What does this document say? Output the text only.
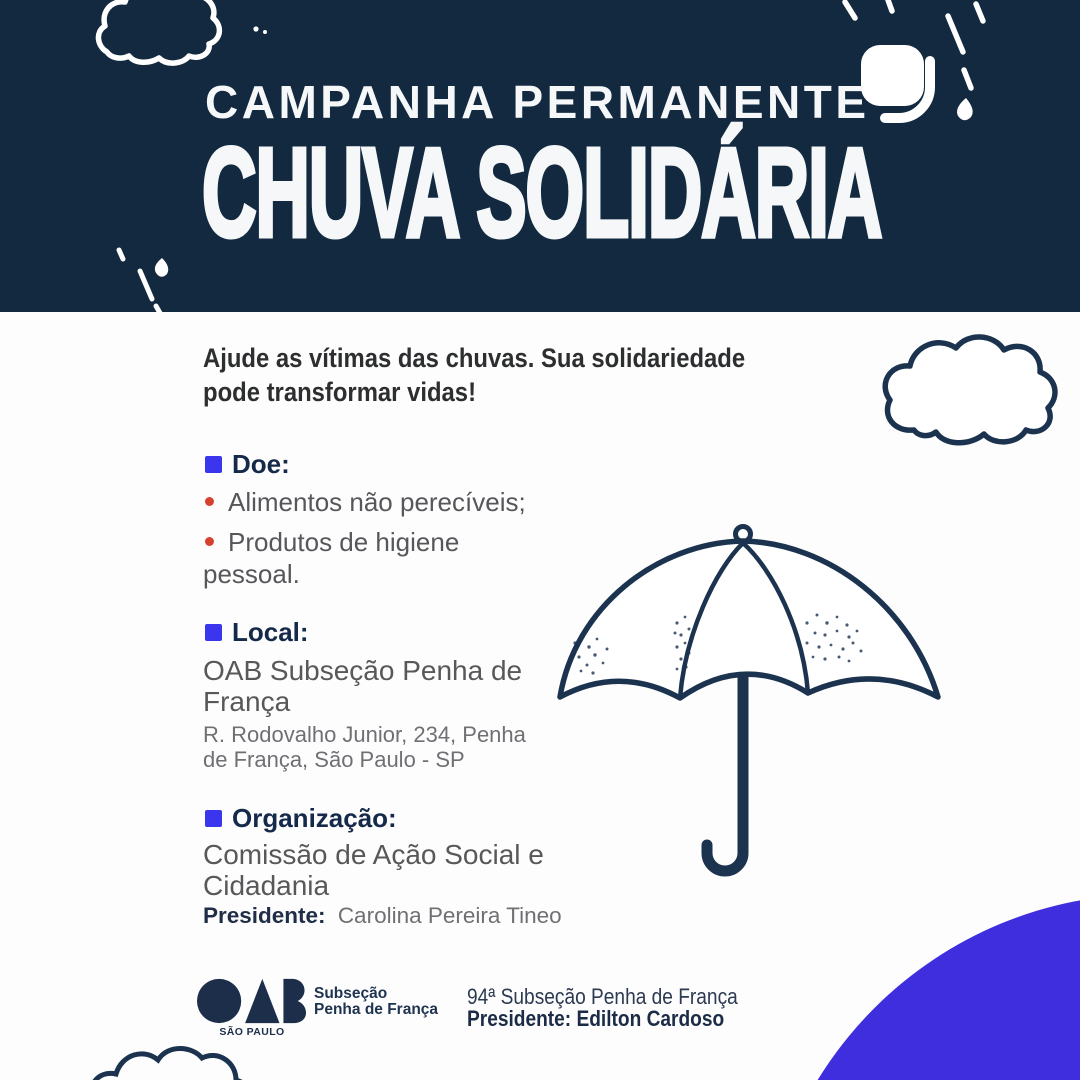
CAMPANHA PERMANENTE
CHUVA SOLIDÁRIA
Ajude as vítimas das chuvas. Sua solidariedade
pode transformar vidas!
Doe:
Alimentos não perecíveis;
Produtos de higiene
pessoal.
Local:
OAB Subseção Penha de
França
R. Rodovalho Junior, 234, Penha
de França, São Paulo - SP
Organização:
Comissão de Ação Social e
Cidadania
Presidente: Carolina Pereira Tineo
SÃO PAULO
Subseção
Penha de França 94ª Subseção Penha de França
Presidente: Edilton Cardoso
